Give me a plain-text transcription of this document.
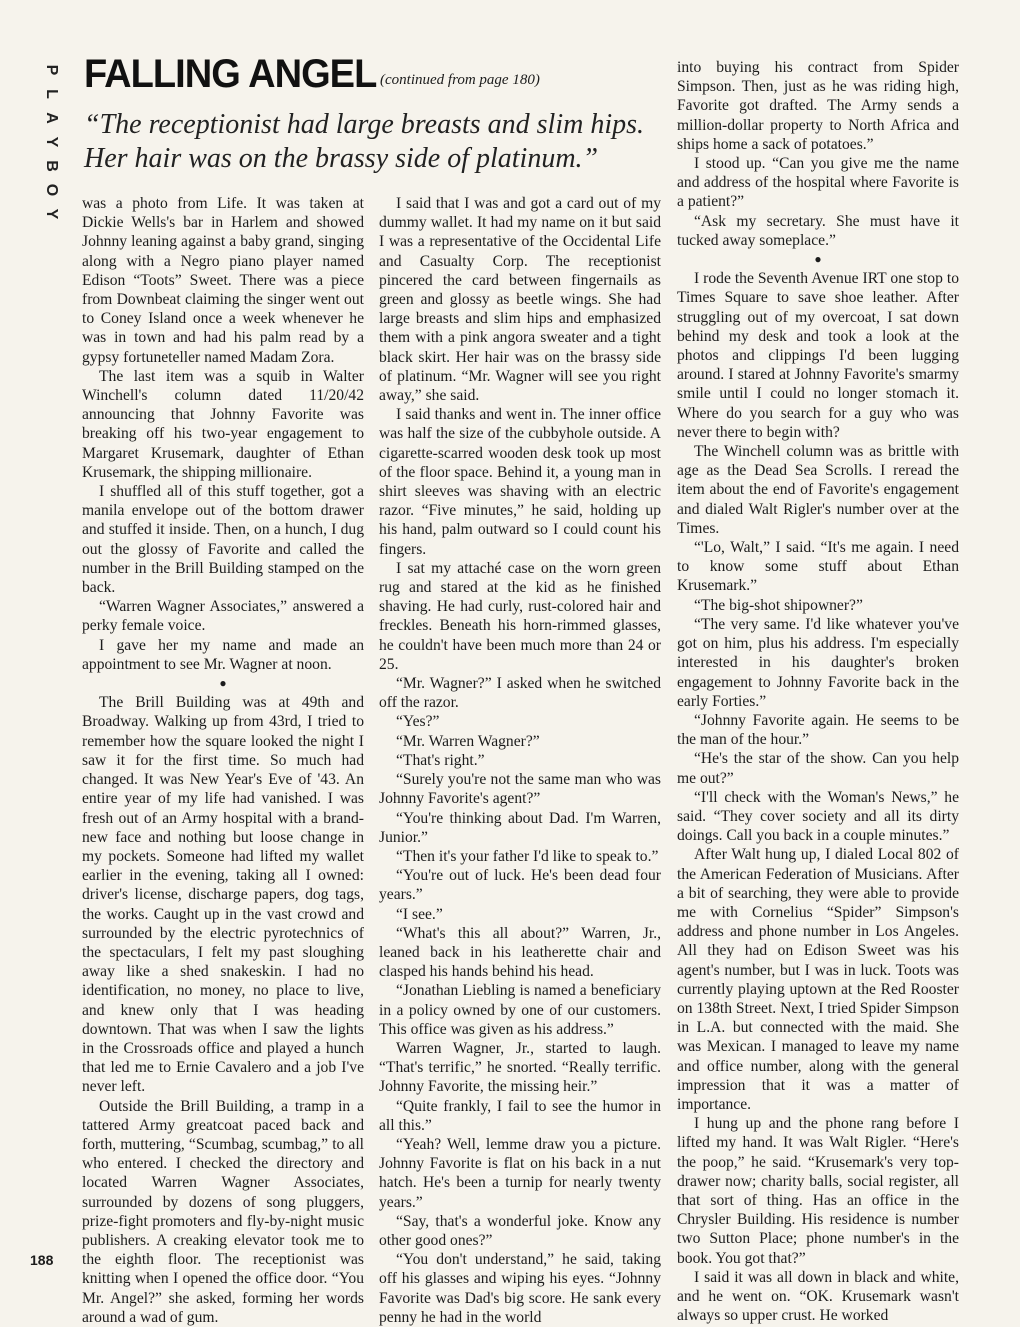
P
L
A
Y
B
O
Y
FALLING ANGEL (continued from page 180)
“The receptionist had large breasts and slim hips.
Her hair was on the brassy side of platinum.”

was a photo from Life. It was taken at Dickie Wells's bar in Harlem and showed Johnny leaning against a baby grand, singing along with a Negro piano player named Edison “Toots” Sweet. There was a piece from Downbeat claiming the singer went out to Coney Island once a week whenever he was in town and had his palm read by a gypsy fortuneteller named Madam Zora.

The last item was a squib in Walter Winchell's column dated 11/20/42 announcing that Johnny Favorite was breaking off his two-year engagement to Margaret Krusemark, daughter of Ethan Krusemark, the shipping millionaire.

I shuffled all of this stuff together, got a manila envelope out of the bottom drawer and stuffed it inside. Then, on a hunch, I dug out the glossy of Favorite and called the number in the Brill Building stamped on the back.

“Warren Wagner Associates,” answered a perky female voice.

I gave her my name and made an appointment to see Mr. Wagner at noon.

●

The Brill Building was at 49th and Broadway. Walking up from 43rd, I tried to remember how the square looked the night I saw it for the first time. So much had changed. It was New Year's Eve of '43. An entire year of my life had vanished. I was fresh out of an Army hospital with a brand-new face and nothing but loose change in my pockets. Someone had lifted my wallet earlier in the evening, taking all I owned: driver's license, discharge papers, dog tags, the works. Caught up in the vast crowd and surrounded by the electric pyrotechnics of the spectaculars, I felt my past sloughing away like a shed snakeskin. I had no identification, no money, no place to live, and knew only that I was heading downtown. That was when I saw the lights in the Crossroads office and played a hunch that led me to Ernie Cavalero and a job I've never left.

Outside the Brill Building, a tramp in a tattered Army greatcoat paced back and forth, muttering, “Scumbag, scumbag,” to all who entered. I checked the directory and located Warren Wagner Associates, surrounded by dozens of song pluggers, prize-fight promoters and fly-by-night music publishers. A creaking elevator took me to the eighth floor. The receptionist was knitting when I opened the office door. “You Mr. Angel?” she asked, forming her words around a wad of gum.

I said that I was and got a card out of my dummy wallet. It had my name on it but said I was a representative of the Occidental Life and Casualty Corp. The receptionist pincered the card between fingernails as green and glossy as beetle wings. She had large breasts and slim hips and emphasized them with a pink angora sweater and a tight black skirt. Her hair was on the brassy side of platinum. “Mr. Wagner will see you right away,” she said.

I said thanks and went in. The inner office was half the size of the cubbyhole outside. A cigarette-scarred wooden desk took up most of the floor space. Behind it, a young man in shirt sleeves was shaving with an electric razor. “Five minutes,” he said, holding up his hand, palm outward so I could count his fingers.

I sat my attaché case on the worn green rug and stared at the kid as he finished shaving. He had curly, rust-colored hair and freckles. Beneath his horn-rimmed glasses, he couldn't have been much more than 24 or 25.

“Mr. Wagner?” I asked when he switched off the razor.

“Yes?”

“Mr. Warren Wagner?”

“That's right.”

“Surely you're not the same man who was Johnny Favorite's agent?”

“You're thinking about Dad. I'm Warren, Junior.”

“Then it's your father I'd like to speak to.”

“You're out of luck. He's been dead four years.”

“I see.”

“What's this all about?” Warren, Jr., leaned back in his leatherette chair and clasped his hands behind his head.

“Jonathan Liebling is named a beneficiary in a policy owned by one of our customers. This office was given as his address.”

Warren Wagner, Jr., started to laugh. “That's terrific,” he snorted. “Really terrific. Johnny Favorite, the missing heir.”

“Quite frankly, I fail to see the humor in all this.”

“Yeah? Well, lemme draw you a picture. Johnny Favorite is flat on his back in a nut hatch. He's been a turnip for nearly twenty years.”

“Say, that's a wonderful joke. Know any other good ones?”

“You don't understand,” he said, taking off his glasses and wiping his eyes. “Johnny Favorite was Dad's big score. He sank every penny he had in the world

into buying his contract from Spider Simpson. Then, just as he was riding high, Favorite got drafted. The Army sends a million-dollar property to North Africa and ships home a sack of potatoes.”

I stood up. “Can you give me the name and address of the hospital where Favorite is a patient?”

“Ask my secretary. She must have it tucked away someplace.”

●

I rode the Seventh Avenue IRT one stop to Times Square to save shoe leather. After struggling out of my overcoat, I sat down behind my desk and took a look at the photos and clippings I'd been lugging around. I stared at Johnny Favorite's smarmy smile until I could no longer stomach it. Where do you search for a guy who was never there to begin with?

The Winchell column was as brittle with age as the Dead Sea Scrolls. I reread the item about the end of Favorite's engagement and dialed Walt Rigler's number over at the Times.

“'Lo, Walt,” I said. “It's me again. I need to know some stuff about Ethan Krusemark.”

“The big-shot shipowner?”

“The very same. I'd like whatever you've got on him, plus his address. I'm especially interested in his daughter's broken engagement to Johnny Favorite back in the early Forties.”

“Johnny Favorite again. He seems to be the man of the hour.”

“He's the star of the show. Can you help me out?”

“I'll check with the Woman's News,” he said. “They cover society and all its dirty doings. Call you back in a couple minutes.”

After Walt hung up, I dialed Local 802 of the American Federation of Musicians. After a bit of searching, they were able to provide me with Cornelius “Spider” Simpson's address and phone number in Los Angeles. All they had on Edison Sweet was his agent's number, but I was in luck. Toots was currently playing uptown at the Red Rooster on 138th Street. Next, I tried Spider Simpson in L.A. but connected with the maid. She was Mexican. I managed to leave my name and office number, along with the general impression that it was a matter of importance.

I hung up and the phone rang before I lifted my hand. It was Walt Rigler. “Here's the poop,” he said. “Krusemark's very top-drawer now; charity balls, social register, all that sort of thing. Has an office in the Chrysler Building. His residence is number two Sutton Place; phone number's in the book. You got that?”

I said it was all down in black and white, and he went on. “OK. Krusemark wasn't always so upper crust. He worked

188
